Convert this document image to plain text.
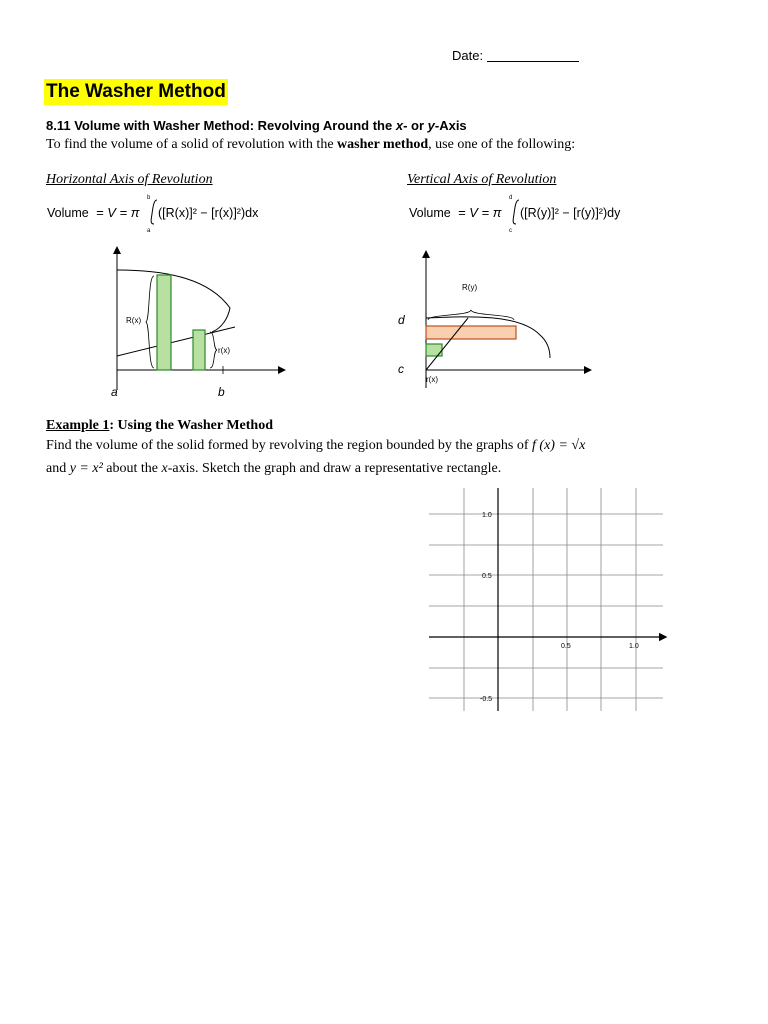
Date:
The Washer Method
8.11 Volume with Washer Method: Revolving Around the x- or y-Axis
To find the volume of a solid of revolution with the washer method, use one of the following:
Horizontal Axis of Revolution	Vertical Axis of Revolution
Volume = V = π
b
a
([R(x)]² − [r(x)]²)dx	Volume = V = π
d
c
([R(y)]² − [r(y)]²)dy
R(x)
r(x)
a	b
R(y)
d
c
r(x)
Example 1: Using the Washer Method
Find the volume of the solid formed by revolving the region bounded by the graphs of f (x) = √x
and y = x² about the x-axis. Sketch the graph and draw a representative rectangle.
1.0
0.5
-0.5
0.5	1.0
